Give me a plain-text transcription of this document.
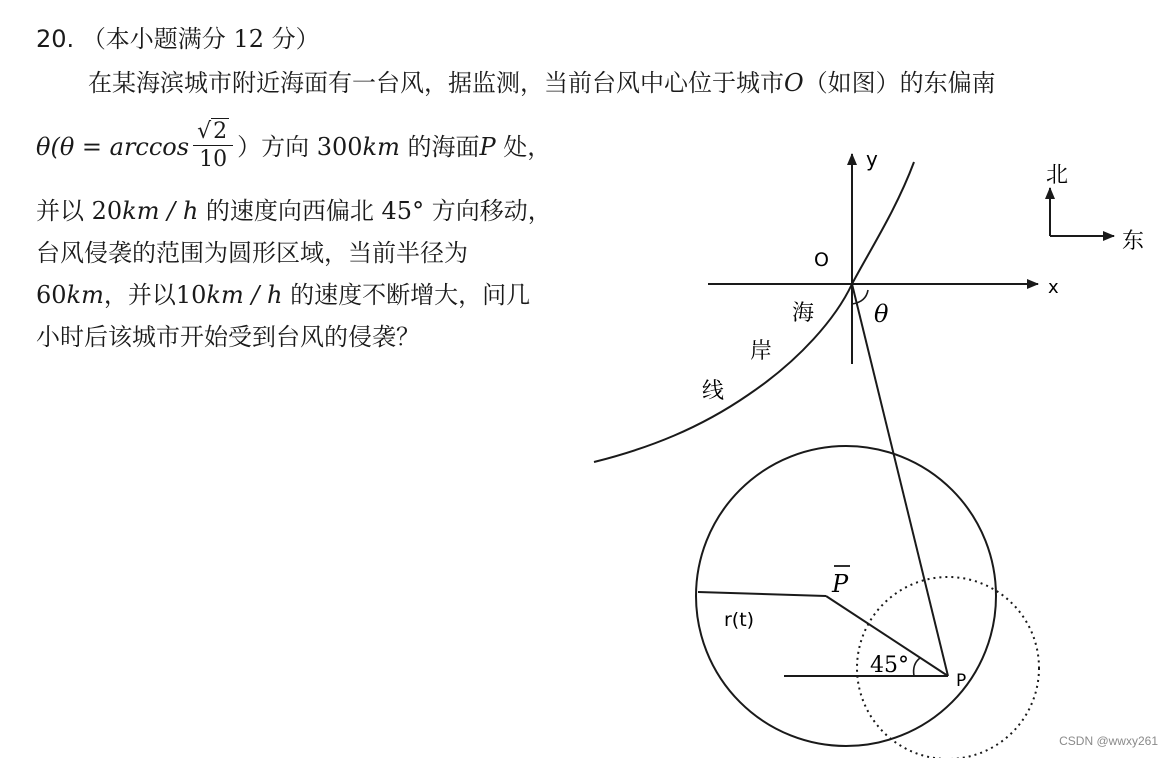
20. （本小题满分 12 分）
在某海滨城市附近海面有一台风，据监测，当前台风中心位于城市O（如图）的东偏南
$\theta(\theta = \arccos \frac{√2}{10}$ ）方向 300km 的海面P 处，
并以 20km / h 的速度向西偏北 45° 方向移动，
台风侵袭的范围为圆形区域，当前半径为
60km，并以10km / h 的速度不断增大，问几
小时后该城市开始受到台风的侵袭？
y
x
O
海
岸
线
θ
北
东
P
r(t)
45°
P
CSDN @wwxy261
